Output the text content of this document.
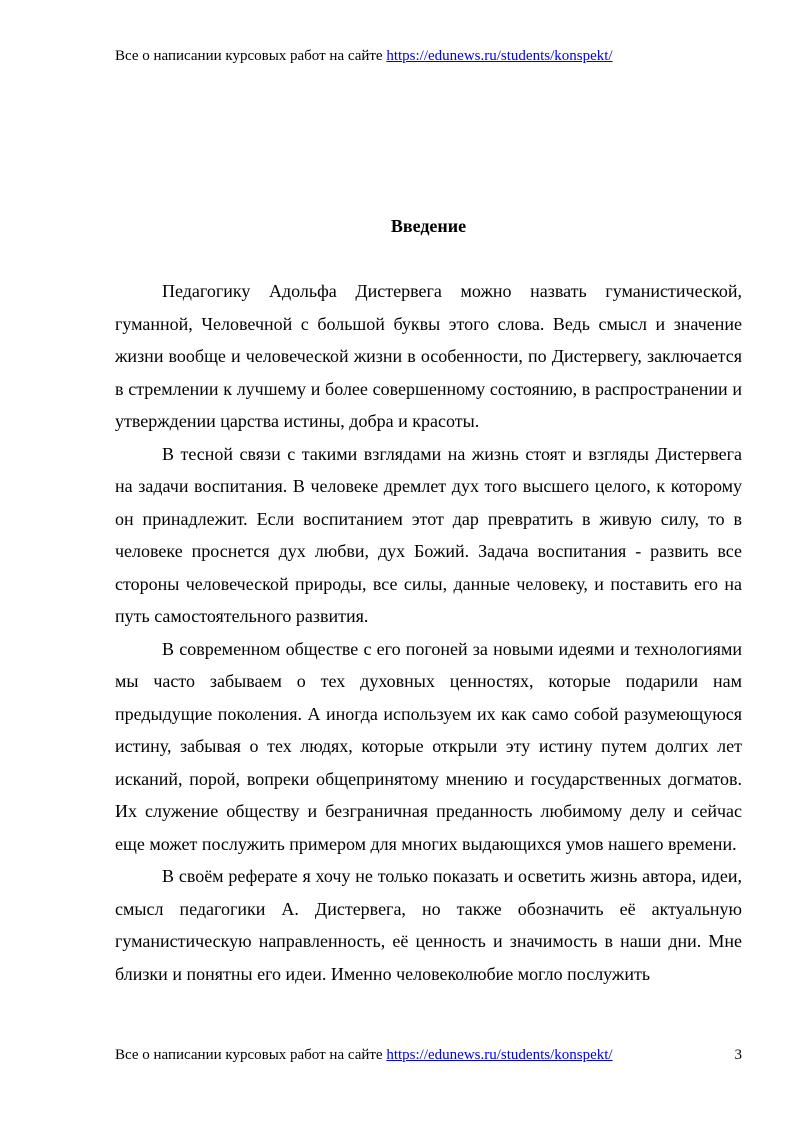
Все о написании курсовых работ на сайте https://edunews.ru/students/konspekt/
Введение

Педагогику Адольфа Дистервега можно назвать гуманистической, гуманной, Человечной с большой буквы этого слова. Ведь смысл и значение жизни вообще и человеческой жизни в особенности, по Дистервегу, заключается в стремлении к лучшему и более совершенному состоянию, в распространении и утверждении царства истины, добра и красоты.

В тесной связи с такими взглядами на жизнь стоят и взгляды Дистервега на задачи воспитания. В человеке дремлет дух того высшего целого, к которому он принадлежит. Если воспитанием этот дар превратить в живую силу, то в человеке проснется дух любви, дух Божий. Задача воспитания - развить все стороны человеческой природы, все силы, данные человеку, и поставить его на путь самостоятельного развития.

В современном обществе с его погоней за новыми идеями и технологиями мы часто забываем о тех духовных ценностях, которые подарили нам предыдущие поколения. А иногда используем их как само собой разумеющуюся истину, забывая о тех людях, которые открыли эту истину путем долгих лет исканий, порой, вопреки общепринятому мнению и государственных догматов. Их служение обществу и безграничная преданность любимому делу и сейчас еще может послужить примером для многих выдающихся умов нашего времени.

В своём реферате я хочу не только показать и осветить жизнь автора, идеи, смысл педагогики А. Дистервега, но также обозначить её актуальную гуманистическую направленность, её ценность и значимость в наши дни. Мне близки и понятны его идеи. Именно человеколюбие могло послужить

Все о написании курсовых работ на сайте https://edunews.ru/students/konspekt/	3
